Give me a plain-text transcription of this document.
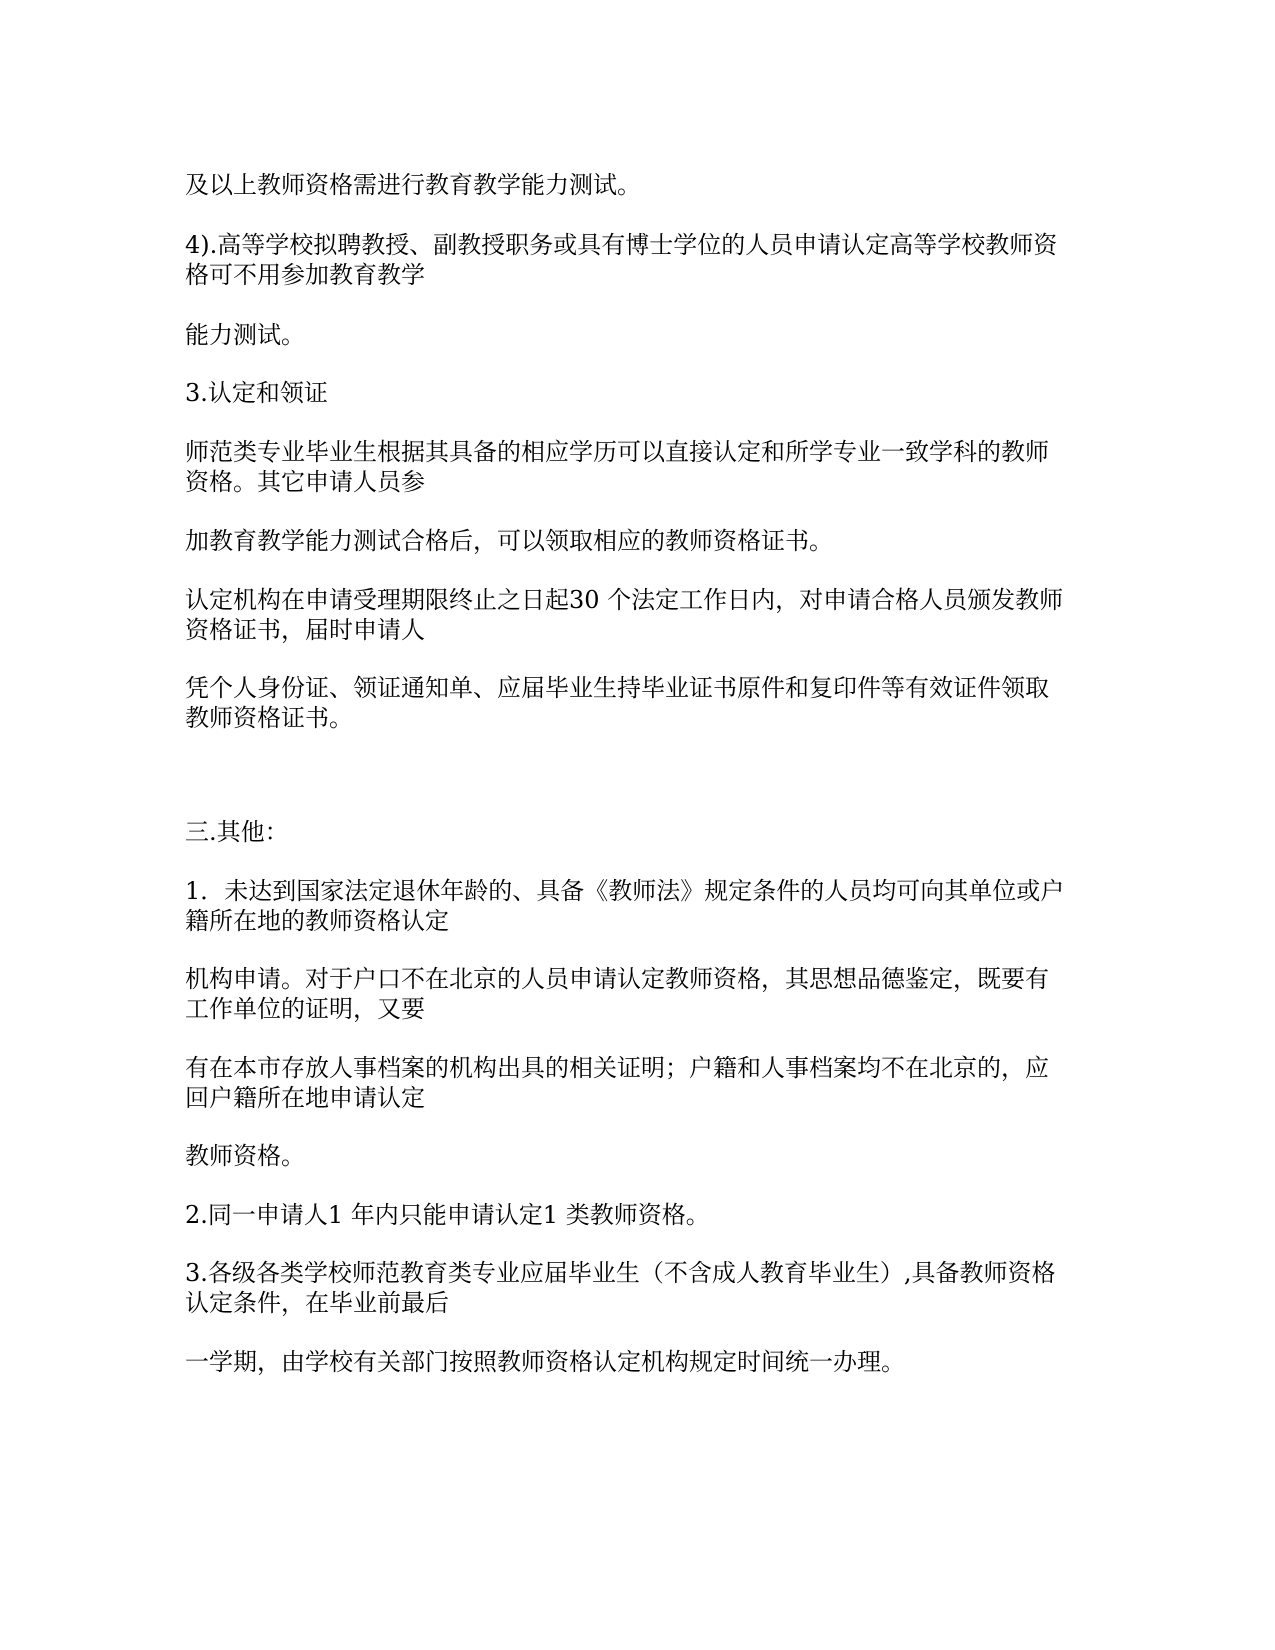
及以上教师资格需进行教育教学能力测试。
4).高等学校拟聘教授、副教授职务或具有博士学位的人员申请认定高等学校教师资
格可不用参加教育教学
能力测试。
3.认定和领证
师范类专业毕业生根据其具备的相应学历可以直接认定和所学专业一致学科的教师
资格。其它申请人员参
加教育教学能力测试合格后，可以领取相应的教师资格证书。
认定机构在申请受理期限终止之日起30 个法定工作日内，对申请合格人员颁发教师
资格证书，届时申请人
凭个人身份证、领证通知单、应届毕业生持毕业证书原件和复印件等有效证件领取
教师资格证书。
三.其他：
1．未达到国家法定退休年龄的、具备《教师法》规定条件的人员均可向其单位或户
籍所在地的教师资格认定
机构申请。对于户口不在北京的人员申请认定教师资格，其思想品德鉴定，既要有
工作单位的证明，又要
有在本市存放人事档案的机构出具的相关证明；户籍和人事档案均不在北京的，应
回户籍所在地申请认定
教师资格。
2.同一申请人1 年内只能申请认定1 类教师资格。
3.各级各类学校师范教育类专业应届毕业生（不含成人教育毕业生）,具备教师资格
认定条件，在毕业前最后
一学期，由学校有关部门按照教师资格认定机构规定时间统一办理。
